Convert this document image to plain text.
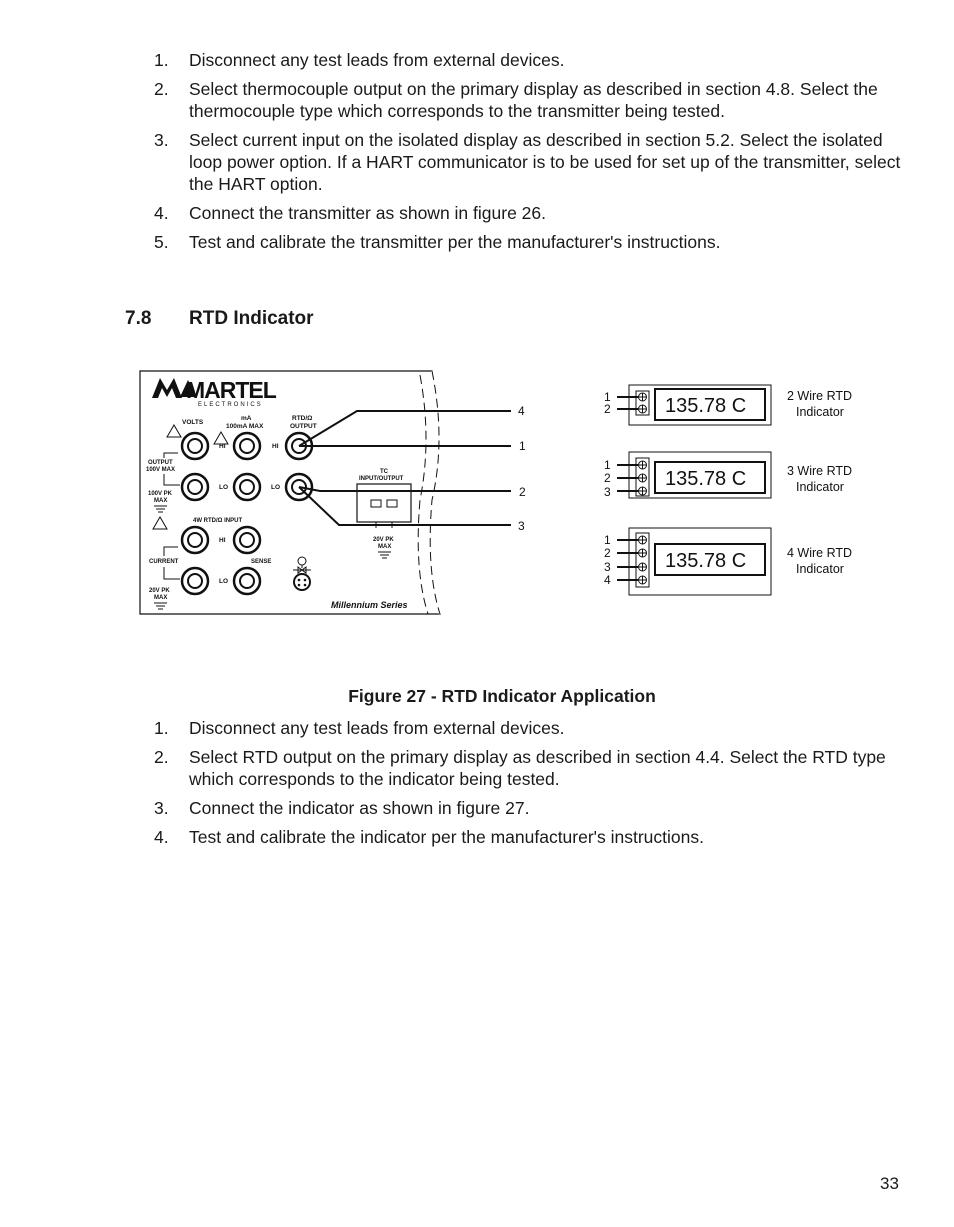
1.	Disconnect any test leads from external devices.
2.	Select thermocouple output on the primary display as described in section 4.8. Select the thermocouple type which corresponds to the transmitter being tested.
3.	Select current input on the isolated display as described in section 5.2. Select the isolated loop power option. If a HART communicator is to be used for set up of the transmitter, select the HART option.
4.	Connect the transmitter as shown in figure 26.
5.	Test and calibrate the transmitter per the manufacturer's instructions.
7.8 RTD Indicator
MARTEL
ELECTRONICS
VOLTS
mA
100mA MAX
RTD/Ω
OUTPUT
HI	HI
LO	LO
HI
LO
OUTPUT
100V MAX
100V PK
MAX
4W RTD/Ω INPUT
CURRENT	SENSE
20V PK
MAX
TC
INPUT/OUTPUT
20V PK
MAX
Millennium Series
4
1
2
3
1
2	135.78 C	2 Wire RTD
Indicator
1
2
3
135.78 C	3 Wire RTD
Indicator
1
2
3
4
135.78 C	4 Wire RTD
Indicator
Figure 27 - RTD Indicator Application
1.	Disconnect any test leads from external devices.
2.	Select RTD output on the primary display as described in section 4.4. Select the RTD type which corresponds to the indicator being tested.
3.	Connect the indicator as shown in figure 27.
4.	Test and calibrate the indicator per the manufacturer's instructions.
33
